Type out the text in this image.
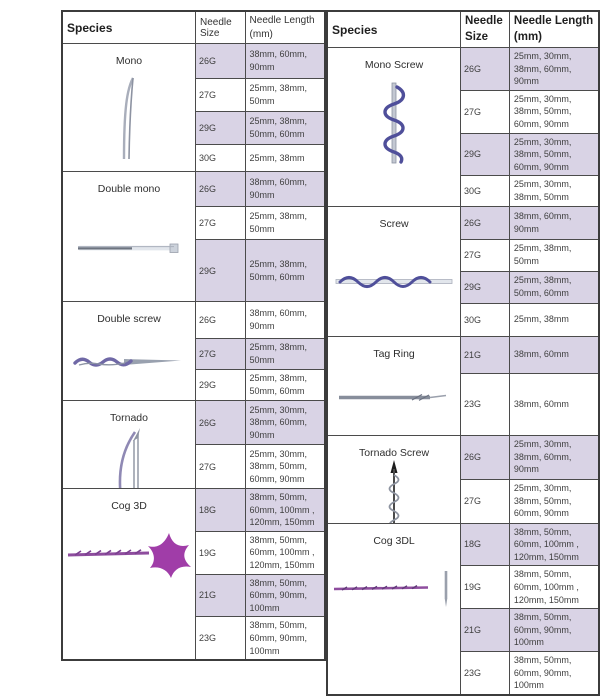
Species	Needle Size	Needle Length
(mm)

Mono	26G	38mm, 60mm, 90mm
	27G	25mm, 38mm, 50mm
	29G	25mm, 38mm, 50mm, 60mm
	30G	25mm, 38mm

Double mono	26G	38mm, 60mm, 90mm
	27G	25mm, 38mm, 50mm
	29G	25mm, 38mm, 50mm, 60mm

Double screw	26G	38mm, 60mm, 90mm
	27G	25mm, 38mm, 50mm
	29G	25mm, 38mm, 50mm, 60mm

Tornado	26G	25mm, 30mm, 38mm, 60mm, 90mm
	27G	25mm, 30mm, 38mm, 50mm, 60mm, 90mm

Cog 3D	18G	38mm, 50mm, 60mm, 100mm , 120mm, 150mm
	19G	38mm, 50mm, 60mm, 100mm , 120mm, 150mm
	21G	38mm, 50mm, 60mm, 90mm, 100mm
	23G	38mm, 50mm, 60mm, 90mm, 100mm
Species	
Needle
Size

Needle Length
(mm)

Mono Screw	26G	25mm, 30mm, 38mm, 60mm, 90mm
	27G	25mm, 30mm, 38mm, 50mm, 60mm, 90mm
	29G	25mm, 30mm, 38mm, 50mm, 60mm, 90mm
	30G	25mm, 30mm, 38mm, 50mm

Screw	26G	38mm, 60mm, 90mm
	27G	25mm, 38mm, 50mm
	29G	25mm, 38mm, 50mm, 60mm
	30G	25mm, 38mm

Tag Ring	21G	38mm, 60mm
	23G	38mm, 60mm

Tornado Screw	26G	25mm, 30mm, 38mm, 60mm, 90mm
	27G	25mm, 30mm, 38mm, 50mm, 60mm, 90mm

Cog 3DL	18G	38mm, 50mm, 60mm, 100mm , 120mm, 150mm
	19G	38mm, 50mm, 60mm, 100mm , 120mm, 150mm
	21G	38mm, 50mm, 60mm, 90mm, 100mm
	23G	38mm, 50mm, 60mm, 90mm, 100mm
